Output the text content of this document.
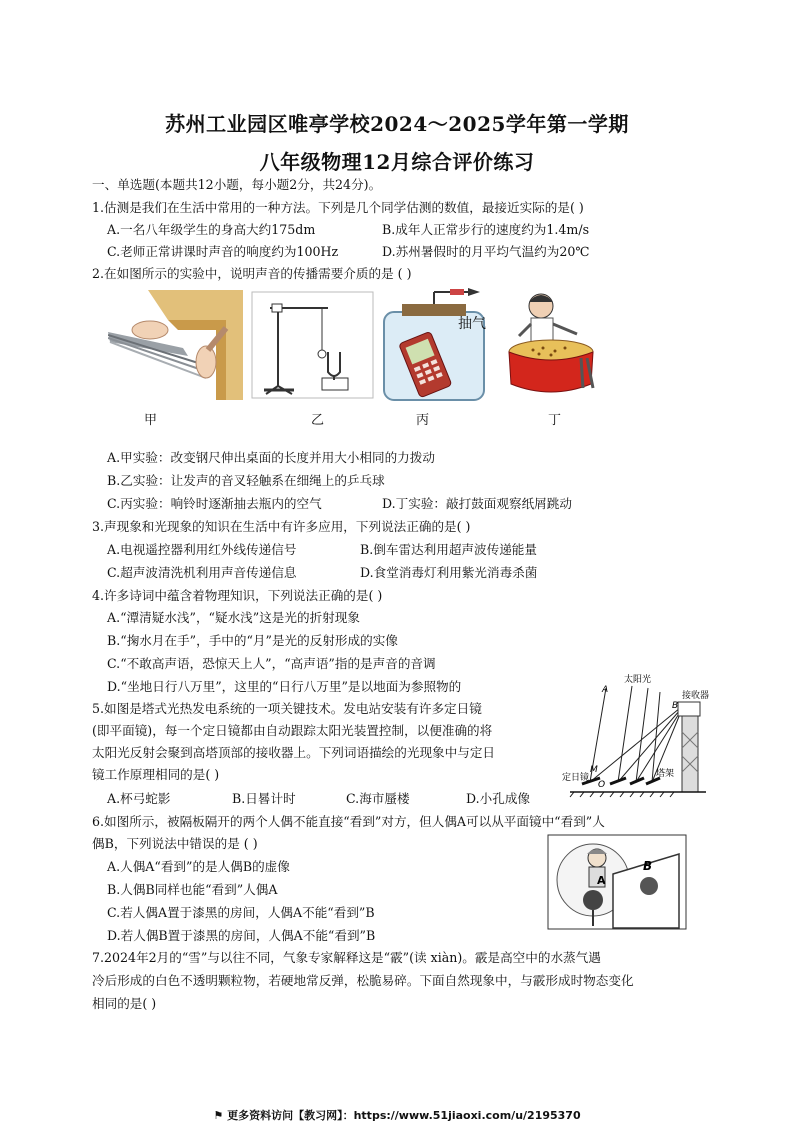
苏州工业园区唯亭学校2024～2025学年第一学期
八年级物理12月综合评价练习
一、单选题(本题共12小题，每小题2分，共24分)。
1.估测是我们在生活中常用的一种方法。下列是几个同学估测的数值，最接近实际的是( )
A.一名八年级学生的身高大约175dm	B.成年人正常步行的速度约为1.4m/s
C.老师正常讲课时声音的响度约为100Hz	D.苏州暑假时的月平均气温约为20℃
2.在如图所示的实验中，说明声音的传播需要介质的是 ( )
甲	乙
抽气
丙	丁
A.甲实验：改变钢尺伸出桌面的长度并用大小相同的力拨动
B.乙实验：让发声的音叉轻触系在细绳上的乒乓球
C.丙实验：响铃时逐渐抽去瓶内的空气	D.丁实验：敲打鼓面观察纸屑跳动
3.声现象和光现象的知识在生活中有许多应用，下列说法正确的是( )
A.电视遥控器利用红外线传递信号	B.倒车雷达利用超声波传递能量
C.超声波清洗机利用声音传递信息	D.食堂消毒灯利用紫光消毒杀菌
4.许多诗词中蕴含着物理知识，下列说法正确的是( )
A.“潭清疑水浅”，“疑水浅”这是光的折射现象
B.“掬水月在手”，手中的“月”是光的反射形成的实像
C.“不敢高声语，恐惊天上人”，“高声语”指的是声音的音调
D.“坐地日行八万里”，这里的“日行八万里”是以地面为参照物的
5.如图是塔式光热发电系统的一项关键技术。发电站安装有许多定日镜
(即平面镜)，每一个定日镜都由自动跟踪太阳光装置控制，以便准确的将
太阳光反射会聚到高塔顶部的接收器上。下列词语描绘的光现象中与定日
镜工作原理相同的是( )
A.杯弓蛇影	B.日晷计时	C.海市蜃楼	D.小孔成像
A
太阳光
接收器
B
塔架
定日镜
M
O
6.如图所示，被隔板隔开的两个人偶不能直接“看到”对方，但人偶A可以从平面镜中“看到”人
偶B，下列说法中错误的是 ( )
A.人偶A“看到”的是人偶B的虚像
B.人偶B同样也能“看到”人偶A
C.若人偶A置于漆黑的房间，人偶A不能“看到”B
D.若人偶B置于漆黑的房间，人偶A不能“看到”B
A
B
7.2024年2月的“雪”与以往不同，气象专家解释这是“霰”(读 xiàn)。霰是高空中的水蒸气遇
冷后形成的白色不透明颗粒物，若硬地常反弹，松脆易碎。下面自然现象中，与霰形成时物态变化
相同的是( )
⚑ 更多资料访问【教习网】：https://www.51jiaoxi.com/u/2195370
